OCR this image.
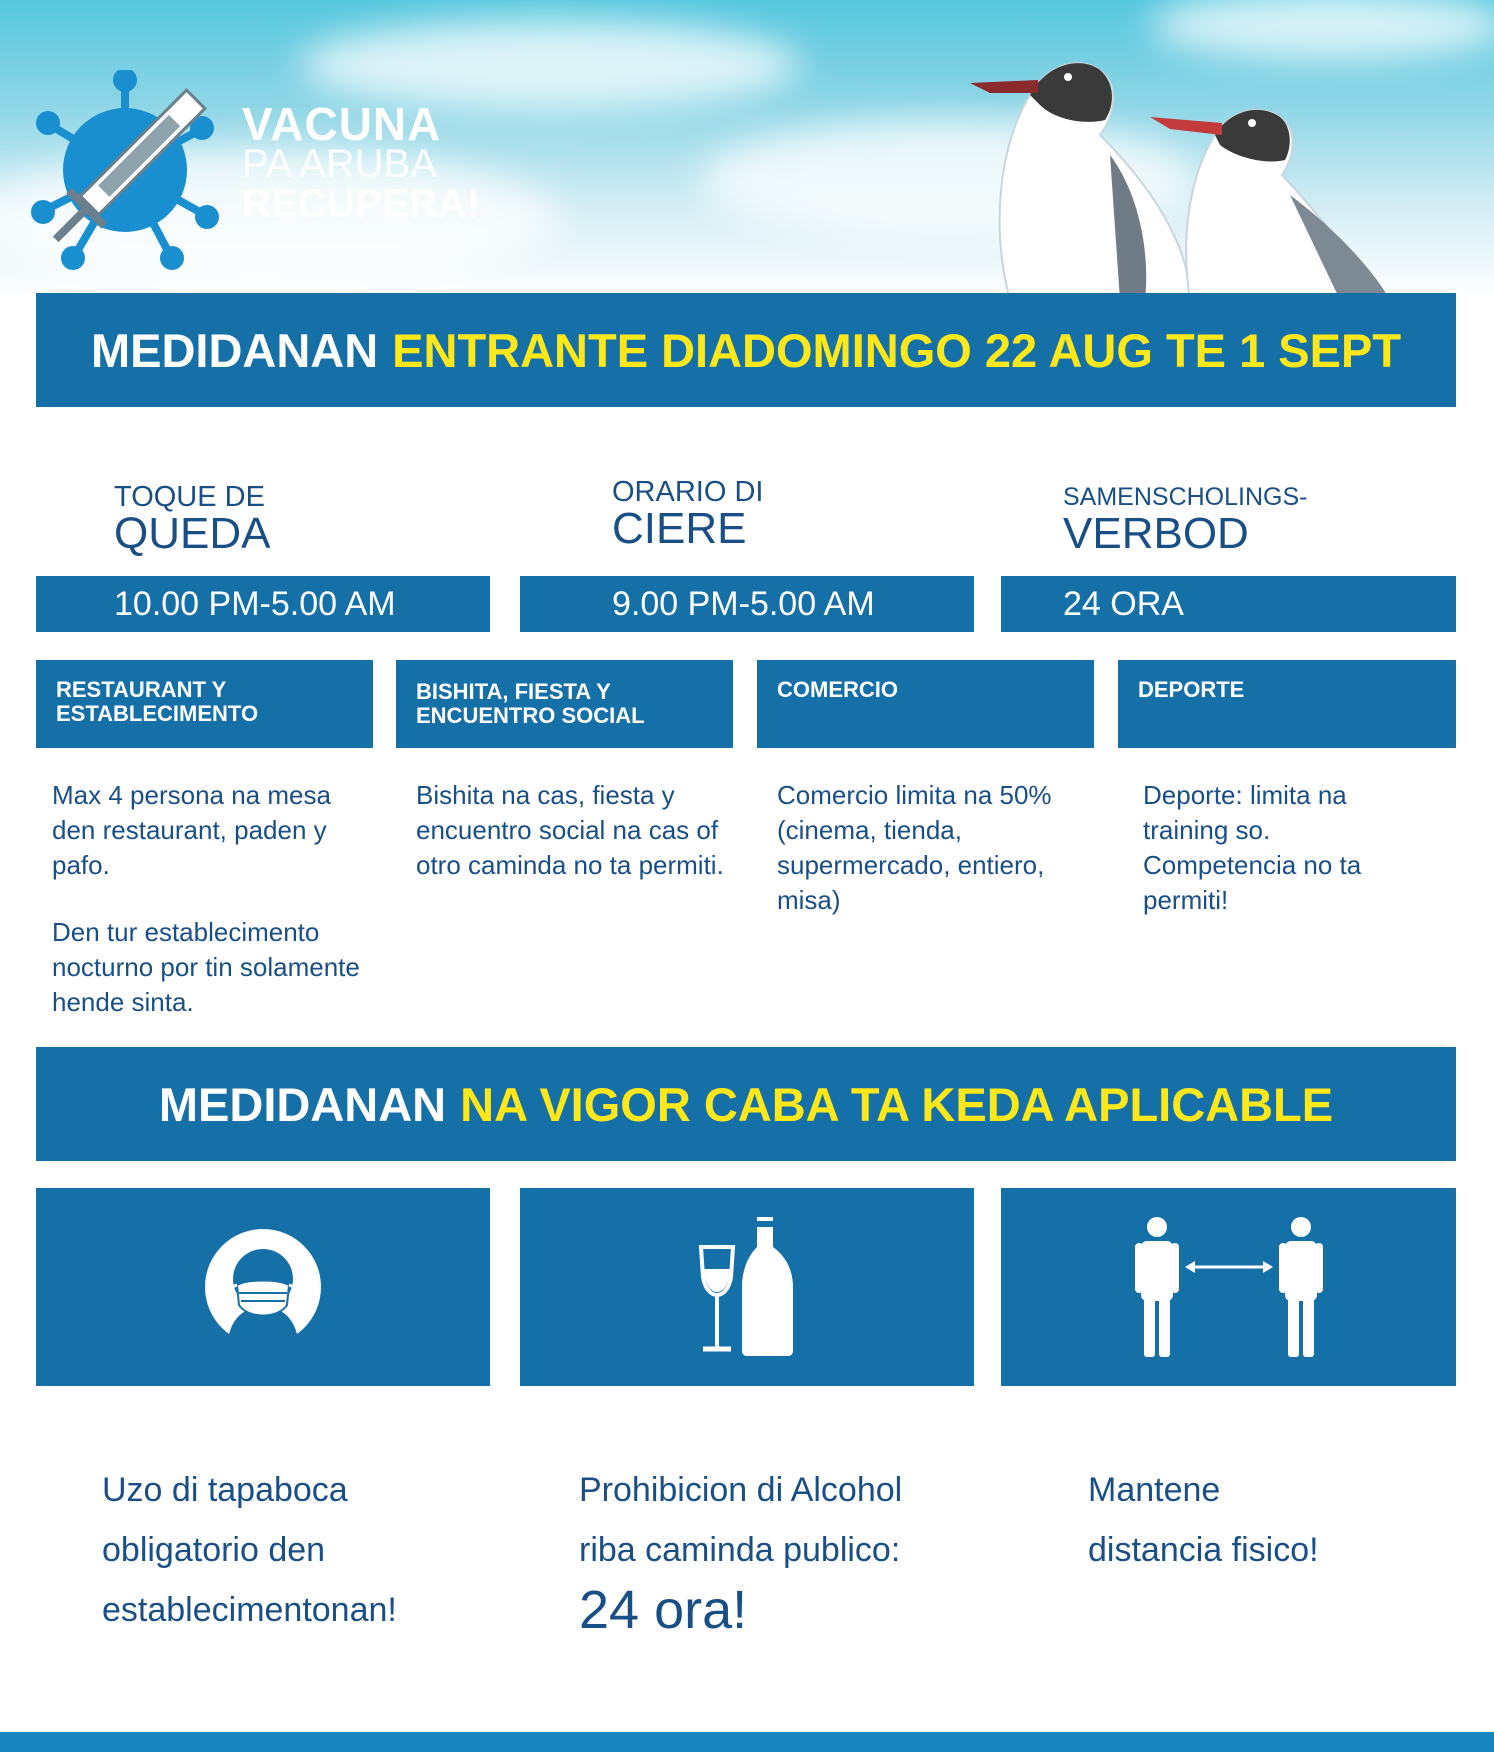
VACUNA
PA ARUBA
RECUPERA!
MEDIDANAN ENTRANTE DIADOMINGO 22 AUG TE 1 SEPT
TOQUE DE
QUEDA
ORARIO DI
CIERE
SAMENSCHOLINGS-
VERBOD
10.00 PM-5.00 AM	9.00 PM-5.00 AM	24 ORA
RESTAURANT Y ESTABLECIMENTO
BISHITA, FIESTA Y ENCUENTRO SOCIAL
COMERCIO	DEPORTE

Max 4 persona na mesa den restaurant, paden y pafo.

Den tur establecimento nocturno por tin solamente hende sinta.

Bishita na cas, fiesta y encuentro social na cas of otro caminda no ta permiti.

Comercio limita na 50% (cinema, tienda, supermercado, entiero, misa)

Deporte: limita na training so. Competencia no ta permiti!

MEDIDANAN NA VIGOR CABA TA KEDA APLICABLE
Uzo di tapaboca
obligatorio den
establecimentonan!
Prohibicion di Alcohol
riba caminda publico:
24 ora!
Mantene
distancia fisico!
